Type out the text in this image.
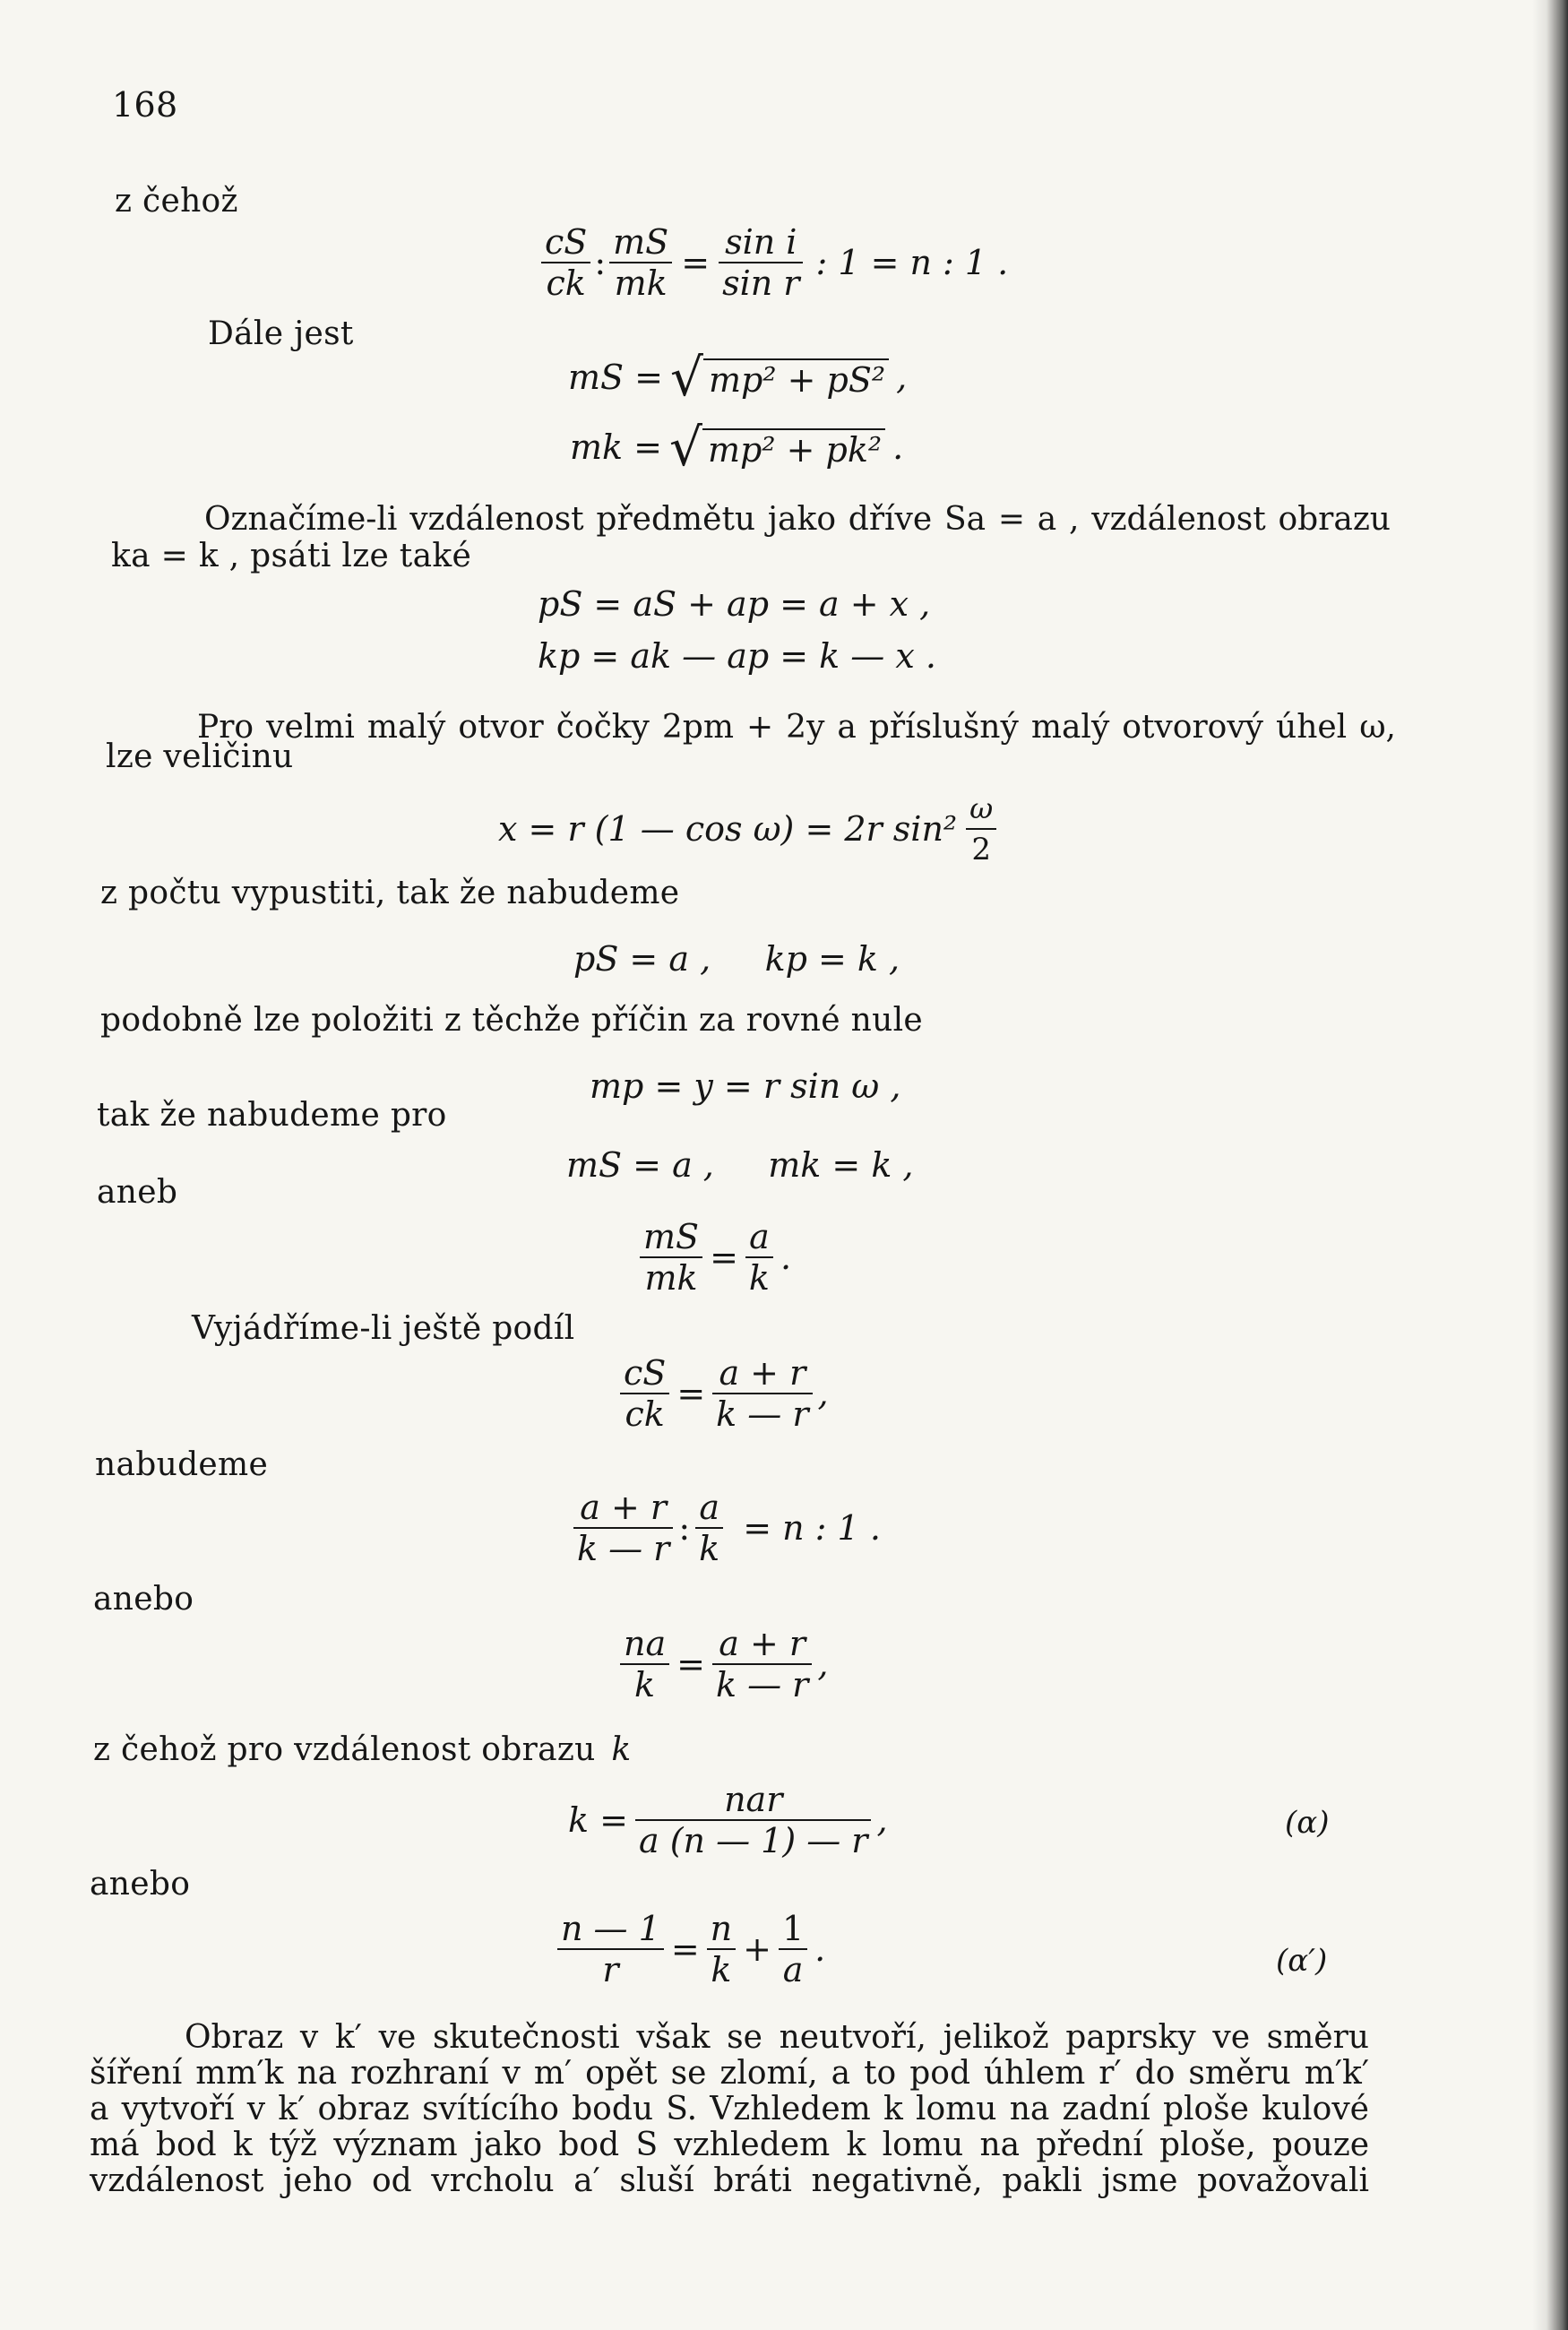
168
z čehož
$\frac{cS}{ck}$ : $\frac{mS}{mk} = \frac{\text{sin i}}{\text{sin r}}$ : 1 = n : 1 .
Dále jest
mS = √ mp² + pS² ,
mk = √ mp² + pk² .
Označíme-li vzdálenost předmětu jako dříve Sa = a , vzdálenost obrazu
ka = k , psáti lze také
pS = aS + ap = a + x ,
kp = ak — ap = k — x .
Pro velmi malý otvor čočky 2pm + 2y a příslušný malý otvorový úhel ω,
lze veličinu
x = r (1 — cos ω) = 2r $\sin^2 \frac{\omega}{2}$
z počtu vypustiti, tak že nabudeme
pS = a ,     kp = k ,
podobně lze položiti z těchže příčin za rovné nule
mp = y = r sin ω ,
tak že nabudeme pro
mS = a ,     mk = k ,
aneb
$\frac{mS}{mk} = \frac{a}{k}$ .
Vyjádříme-li ještě podíl
$\frac{cS}{ck} = \frac{a + r}{k — r}$ ,
nabudeme
$\frac{a + r}{k — r}$ : $\frac{a}{k} = n$ : 1 .
anebo
$\frac{na}{k} = \frac{a + r}{k — r}$ ,
z čehož pro vzdálenost obrazu k
$k = \frac{\text{nar}}{a (n — 1) — r}$ ,	(α)
anebo
$\frac{n — 1}{r} = \frac{n}{k} + \frac{1}{a}$ .	(α′)
Obraz v k′ ve skutečnosti však se neutvoří, jelikož paprsky ve směru
šíření mm′k na rozhraní v m′ opět se zlomí, a to pod úhlem r′ do směru m′k′
a vytvoří v k′ obraz svítícího bodu S. Vzhledem k lomu na zadní ploše kulové
má bod k týž význam jako bod S vzhledem k lomu na přední ploše, pouze
vzdálenost jeho od vrcholu a′ sluší bráti negativně, pakli jsme považovali
